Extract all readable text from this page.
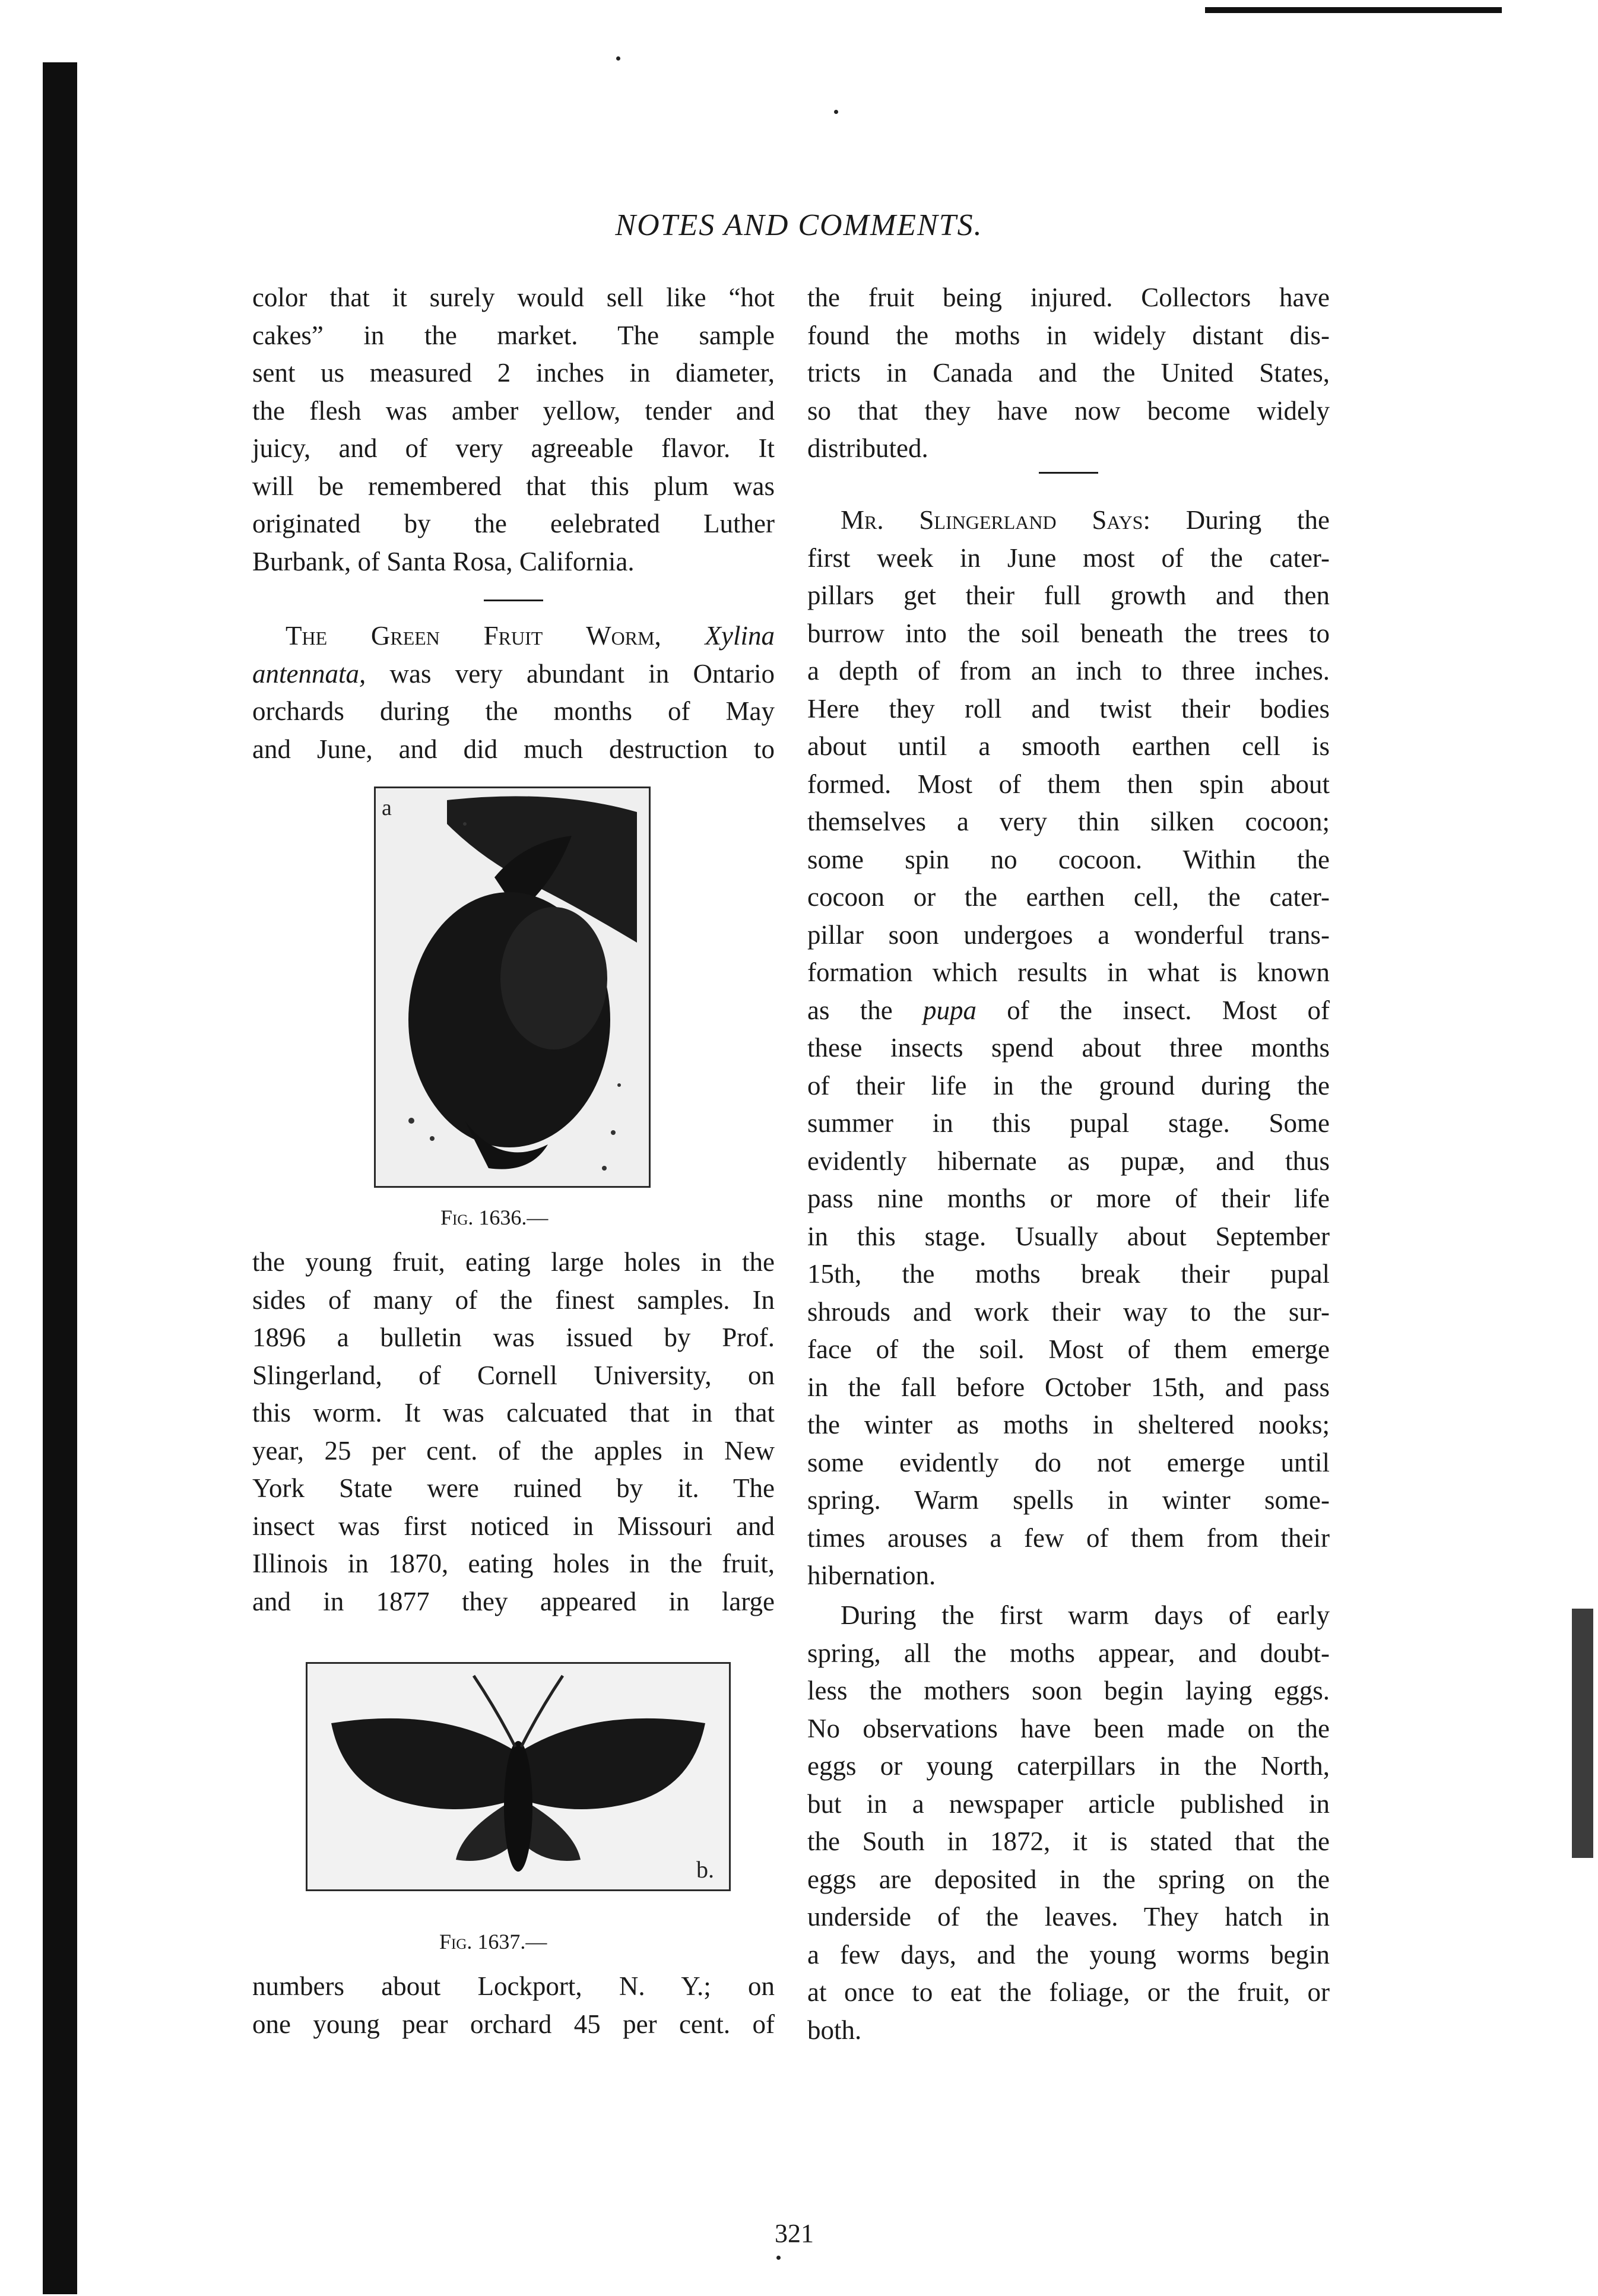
NOTES AND COMMENTS.
color that it surely would sell like “hot
cakes” in the market. The sample
sent us measured 2 inches in diameter,
the flesh was amber yellow, tender and
juicy, and of very agreeable flavor. It
will be remembered that this plum was
originated by the eelebrated Luther
Burbank, of Santa Rosa, California.
The Green Fruit Worm, Xylina
antennata, was very abundant in Ontario
orchards during the months of May
and June, and did much destruction to
a
Fig. 1636.—
the young fruit, eating large holes in the
sides of many of the finest samples. In
1896 a bulletin was issued by Prof.
Slingerland, of Cornell University, on
this worm. It was calcuated that in that
year, 25 per cent. of the apples in New
York State were ruined by it. The
insect was first noticed in Missouri and
Illinois in 1870, eating holes in the fruit,
and in 1877 they appeared in large
b.
Fig. 1637.—
numbers about Lockport, N. Y.; on
one young pear orchard 45 per cent. of
the fruit being injured. Collectors have
found the moths in widely distant dis-
tricts in Canada and the United States,
so that they have now become widely
distributed.
Mr. Slingerland Says: During the
first week in June most of the cater-
pillars get their full growth and then
burrow into the soil beneath the trees to
a depth of from an inch to three inches.
Here they roll and twist their bodies
about until a smooth earthen cell is
formed. Most of them then spin about
themselves a very thin silken cocoon;
some spin no cocoon. Within the
cocoon or the earthen cell, the cater-
pillar soon undergoes a wonderful trans-
formation which results in what is known
as the pupa of the insect. Most of
these insects spend about three months
of their life in the ground during the
summer in this pupal stage. Some
evidently hibernate as pupæ, and thus
pass nine months or more of their life
in this stage. Usually about September
15th, the moths break their pupal
shrouds and work their way to the sur-
face of the soil. Most of them emerge
in the fall before October 15th, and pass
the winter as moths in sheltered nooks;
some evidently do not emerge until
spring. Warm spells in winter some-
times arouses a few of them from their
hibernation.
During the first warm days of early
spring, all the moths appear, and doubt-
less the mothers soon begin laying eggs.
No observations have been made on the
eggs or young caterpillars in the North,
but in a newspaper article published in
the South in 1872, it is stated that the
eggs are deposited in the spring on the
underside of the leaves. They hatch in
a few days, and the young worms begin
at once to eat the foliage, or the fruit, or
both.
321
